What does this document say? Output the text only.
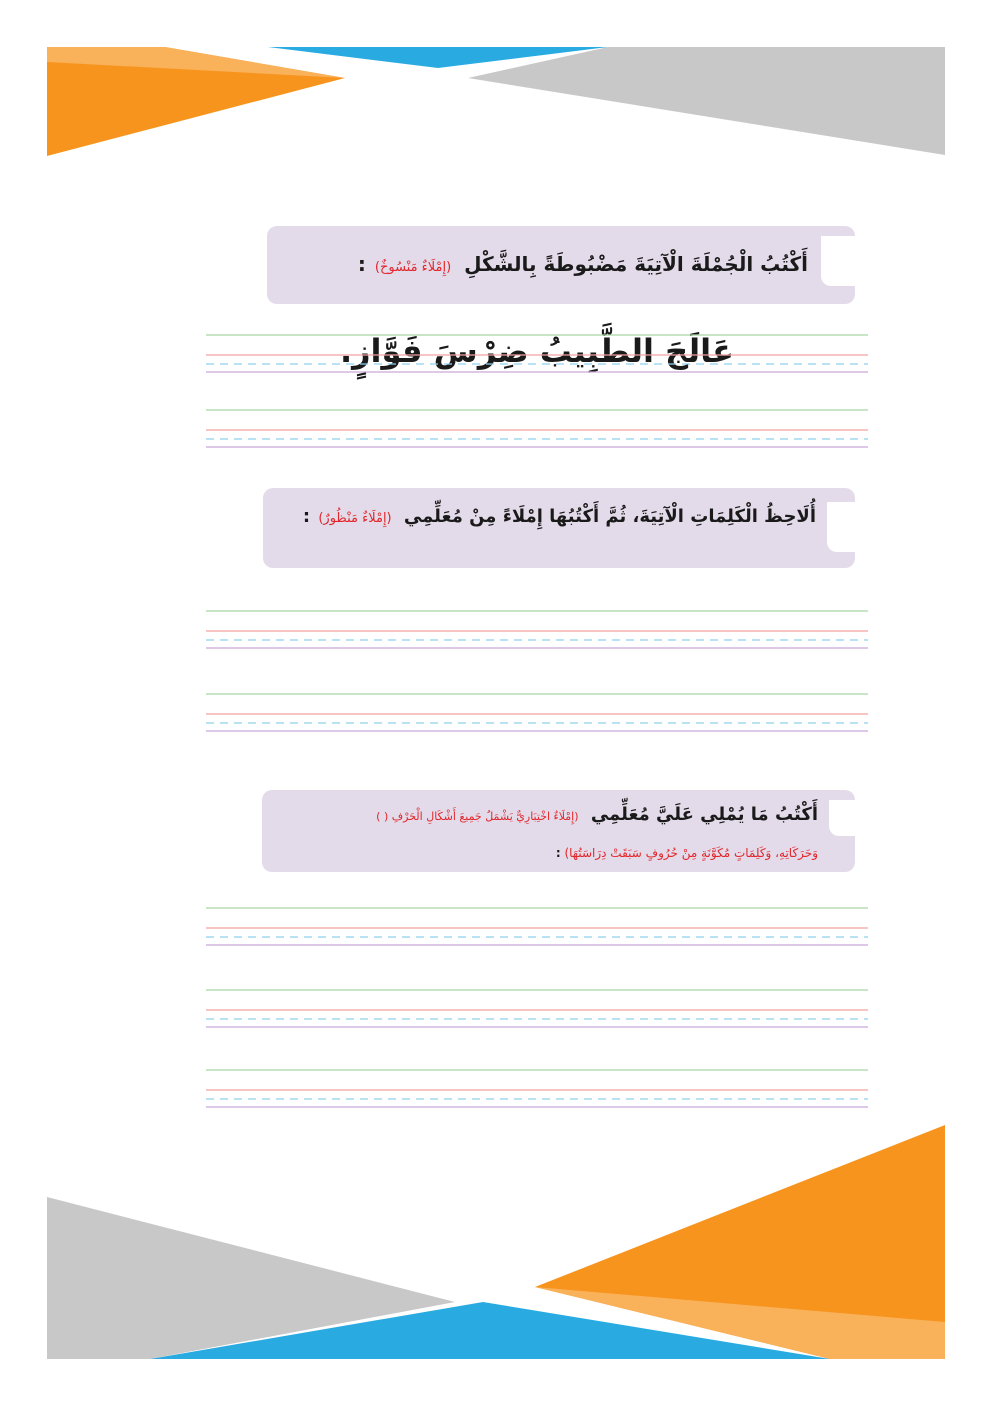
أَكْتُبُ الْجُمْلَةَ الْآتِيَةَ مَضْبُوطَةً بِالشَّكْلِ (إِمْلَاءٌ مَنْسُوخٌ) :
عَالَجَ الطَّبِيبُ ضِرْسَ فَوَّازٍ.
أُلَاحِظُ الْكَلِمَاتِ الْآتِيَةَ، ثُمَّ أَكْتُبُهَا إِمْلَاءً مِنْ مُعَلِّمِي (إِمْلَاءٌ مَنْظُورٌ) :
أَكْتُبُ مَا يُمْلِي عَلَيَّ مُعَلِّمِي (إِمْلَاءٌ اخْتِبَارِيٌّ يَشْمَلُ جَمِيعَ أَشْكَالِ الْحَرْفِ ( )
وَحَرَكَاتِهِ، وَكَلِمَاتٍ مُكَوَّنَةٍ مِنْ حُرُوفٍ سَبَقَتْ دِرَاسَتُهَا) :
